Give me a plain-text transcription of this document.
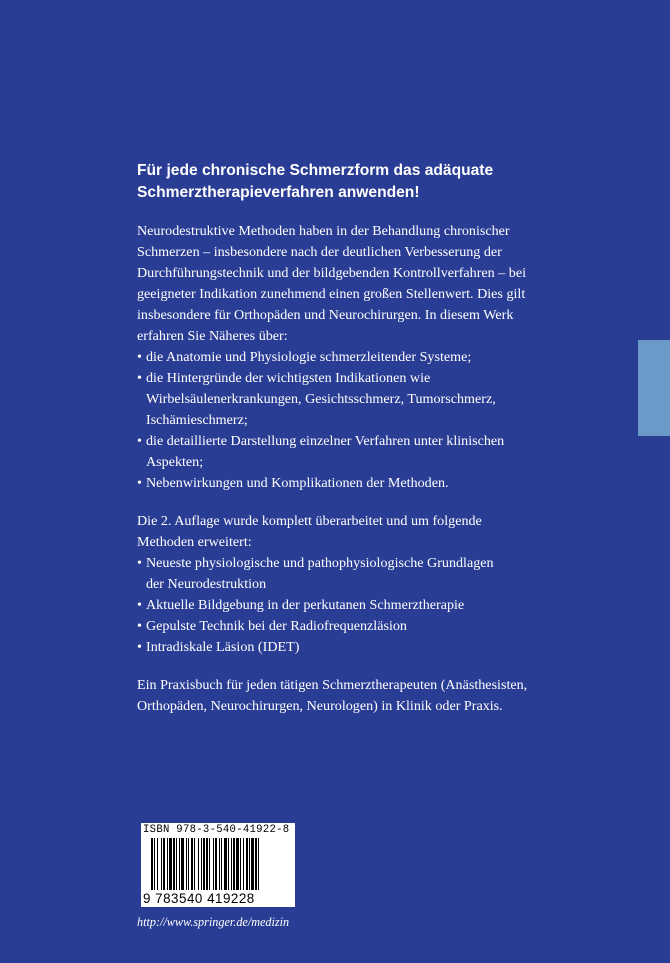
Für jede chronische Schmerzform das adäquate
Schmerztherapieverfahren anwenden!
Neurodestruktive Methoden haben in der Behandlung chronischer
Schmerzen – insbesondere nach der deutlichen Verbesserung der
Durchführungstechnik und der bildgebenden Kontrollverfahren – bei
geeigneter Indikation zunehmend einen großen Stellenwert. Dies gilt
insbesondere für Orthopäden und Neurochirurgen. In diesem Werk
erfahren Sie Näheres über:
• die Anatomie und Physiologie schmerzleitender Systeme;
• die Hintergründe der wichtigsten Indikationen wie
Wirbelsäulenerkrankungen, Gesichtsschmerz, Tumorschmerz,
Ischämieschmerz;
• die detaillierte Darstellung einzelner Verfahren unter klinischen
Aspekten;
• Nebenwirkungen und Komplikationen der Methoden.
Die 2. Auflage wurde komplett überarbeitet und um folgende
Methoden erweitert:
• Neueste physiologische und pathophysiologische Grundlagen
der Neurodestruktion
• Aktuelle Bildgebung in der perkutanen Schmerztherapie
• Gepulste Technik bei der Radiofrequenzläsion
• Intradiskale Läsion (IDET)
Ein Praxisbuch für jeden tätigen Schmerztherapeuten (Anästhesisten,
Orthopäden, Neurochirurgen, Neurologen) in Klinik oder Praxis.
ISBN 978-3-540-41922-8
9 783540 419228
http://www.springer.de/medizin
